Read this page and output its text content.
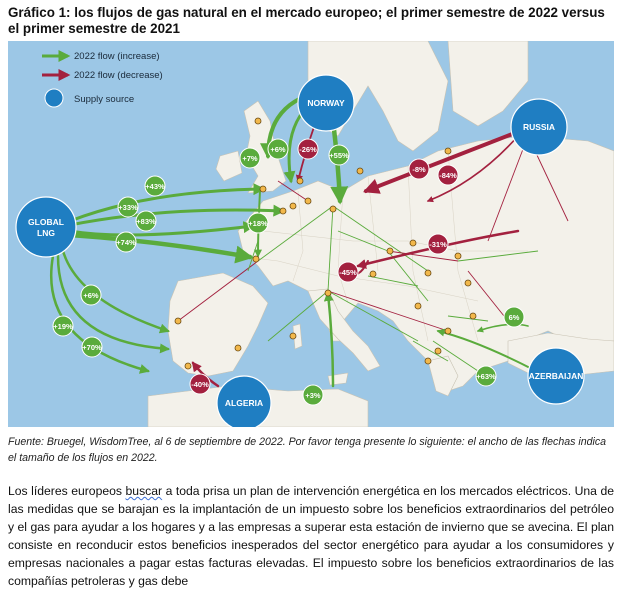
Gráfico 1: los flujos de gas natural en el mercado europeo; el primer semestre de 2022 versus el primer semestre de 2021
+7%
+6%
+55%
+43%
+33%
+83%
+74%
+18%
+6%
+19%
+70%
6%
+63%
+3%
-26%
-8%
-84%
-31%
-45%
-40%
NORWAY
RUSSIA
GLOBAL
LNG
ALGERIA
AZERBAIJAN
2022 flow (increase)
2022 flow (decrease)
Supply source
Fuente: Bruegel, WisdomTree, al 6 de septiembre de 2022. Por favor tenga presente lo siguiente: el ancho de las flechas indica el tamaño de los flujos en 2022.
Los líderes europeos buscar a toda prisa un plan de intervención energética en los mercados eléctricos. Una de las medidas que se barajan es la implantación de un impuesto sobre los beneficios extraordinarios del petróleo y el gas para ayudar a los hogares y a las empresas a superar esta estación de invierno que se avecina. El plan consiste en reconducir estos beneficios inesperados del sector energético para ayudar a los consumidores y empresas nacionales a pagar estas facturas elevadas. El impuesto sobre los beneficios extraordinarios de las compañías petroleras y gas debe
